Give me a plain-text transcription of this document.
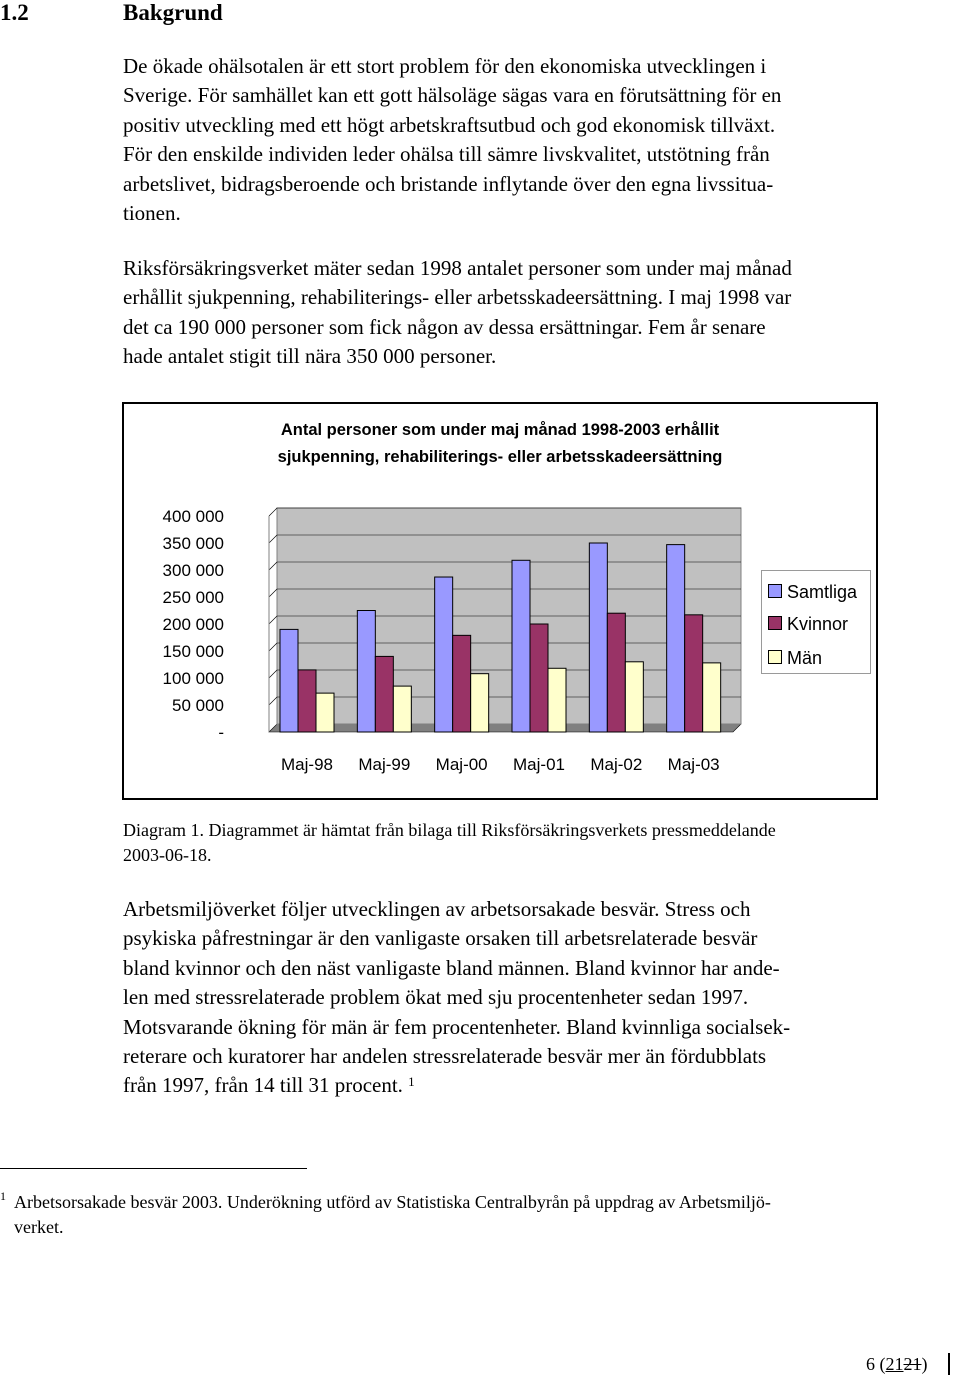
1.2	Bakgrund
De ökade ohälsotalen är ett stort problem för den ekonomiska utvecklingen i
Sverige. För samhället kan ett gott hälsoläge sägas vara en förutsättning för en
positiv utveckling med ett högt arbetskraftsutbud och god ekonomisk tillväxt.
För den enskilde individen leder ohälsa till sämre livskvalitet, utstötning från
arbetslivet, bidragsberoende och bristande inflytande över den egna livssitua-
tionen.
Riksförsäkringsverket mäter sedan 1998 antalet personer som under maj månad
erhållit sjukpenning, rehabiliterings- eller arbetsskadeersättning. I maj 1998 var
det ca 190 000 personer som fick någon av dessa ersättningar. Fem år senare
hade antalet stigit till nära 350 000 personer.
Antal personer som under maj månad 1998-2003 erhållit
sjukpenning, rehabiliterings- eller arbetsskadeersättning
400 000
350 000
300 000
250 000
200 000
150 000
100 000
50 000
-
Maj-98 Maj-99 Maj-00 Maj-01 Maj-02 Maj-03
Samtliga
Kvinnor
Män
Diagram 1. Diagrammet är hämtat från bilaga till Riksförsäkringsverkets pressmeddelande
2003-06-18.
Arbetsmiljöverket följer utvecklingen av arbetsorsakade besvär. Stress och
psykiska påfrestningar är den vanligaste orsaken till arbetsrelaterade besvär
bland kvinnor och den näst vanligaste bland männen. Bland kvinnor har ande-
len med stressrelaterade problem ökat med sju procentenheter sedan 1997.
Motsvarande ökning för män är fem procentenheter. Bland kvinnliga socialsek-
reterare och kuratorer har andelen stressrelaterade besvär mer än fördubblats
från 1997, från 14 till 31 procent. $^1$
1 Arbetsorsakade besvär 2003. Underökning utförd av Statistiska Centralbyrån på uppdrag av Arbetsmiljö-
verket.
6 (2121)
